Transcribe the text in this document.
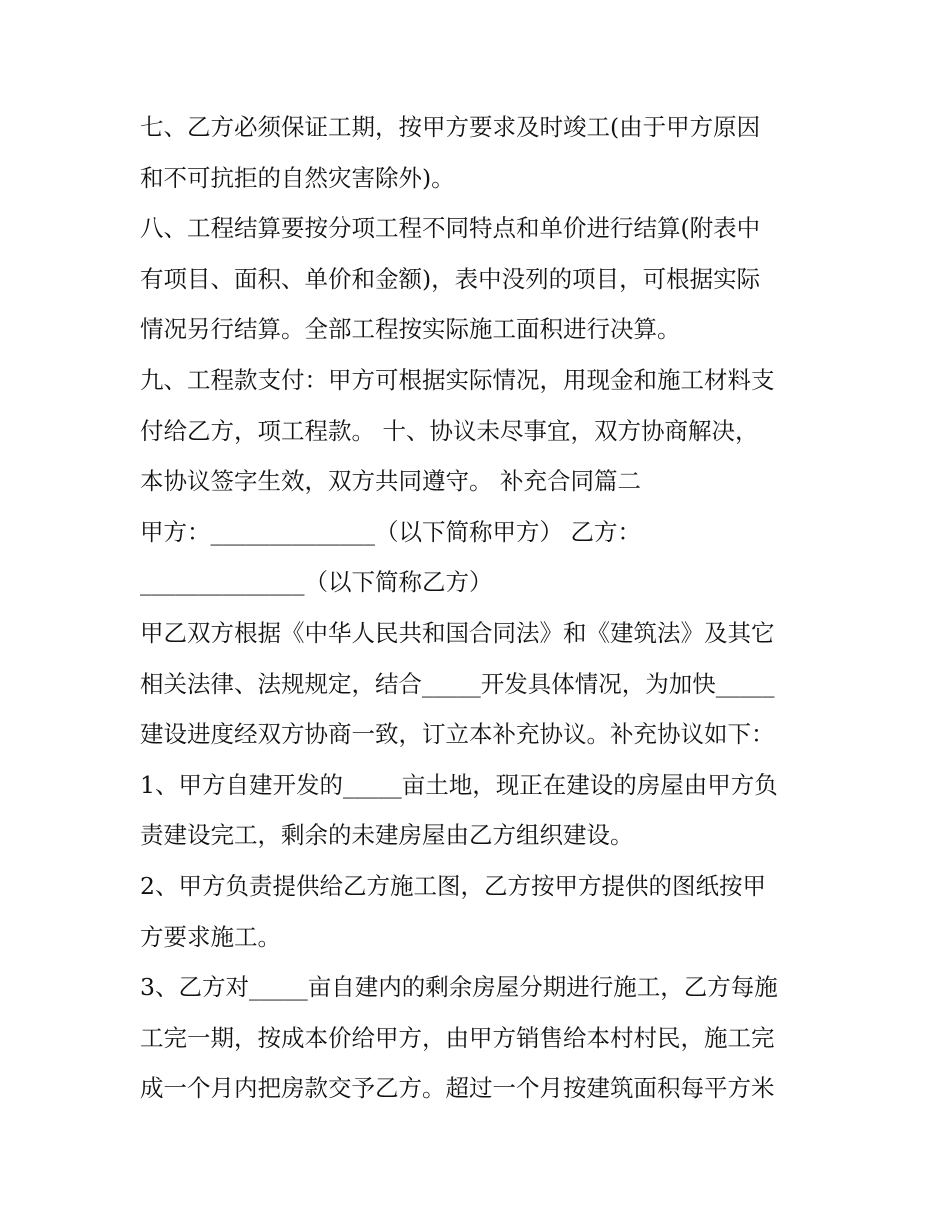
七、乙方必须保证工期，按甲方要求及时竣工(由于甲方原因
和不可抗拒的自然灾害除外)。
八、工程结算要按分项工程不同特点和单价进行结算(附表中
有项目、面积、单价和金额)，表中没列的项目，可根据实际
情况另行结算。全部工程按实际施工面积进行决算。
九、工程款支付：甲方可根据实际情况，用现金和施工材料支
付给乙方，项工程款。 十、协议未尽事宜，双方协商解决，
本协议签字生效，双方共同遵守。 补充合同篇二
甲方：______________（以下简称甲方） 乙方：
______________（以下简称乙方）
甲乙双方根据《中华人民共和国合同法》和《建筑法》及其它
相关法律、法规规定，结合_____开发具体情况，为加快_____
建设进度经双方协商一致，订立本补充协议。补充协议如下：
1、甲方自建开发的_____亩土地，现正在建设的房屋由甲方负
责建设完工，剩余的未建房屋由乙方组织建设。
2、甲方负责提供给乙方施工图，乙方按甲方提供的图纸按甲
方要求施工。
3、乙方对_____亩自建内的剩余房屋分期进行施工，乙方每施
工完一期，按成本价给甲方，由甲方销售给本村村民，施工完
成一个月内把房款交予乙方。超过一个月按建筑面积每平方米
